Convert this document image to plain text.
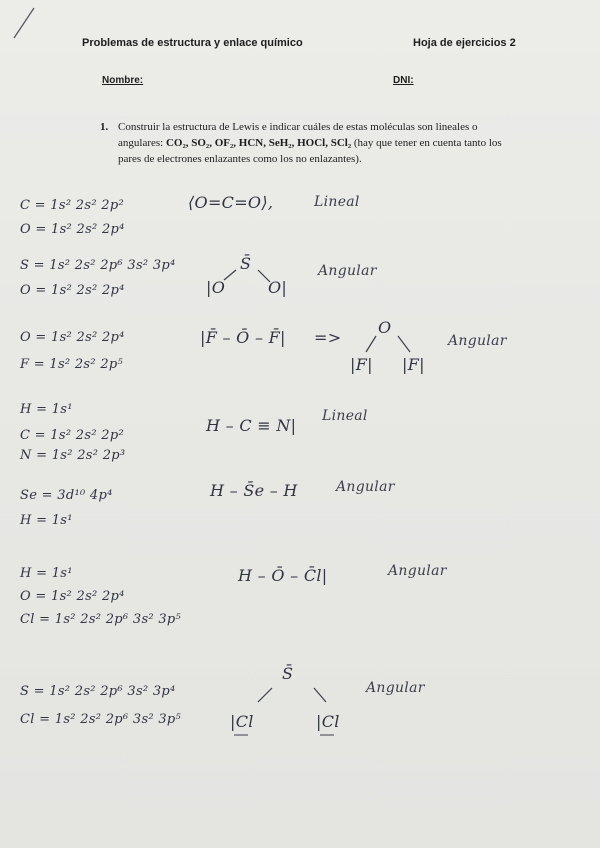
Problemas de estructura y enlace químico	Hoja de ejercicios 2
Nombre:	DNI:
1. Construir la estructura de Lewis e indicar cuáles de estas moléculas son lineales o angulares: CO₂, SO₂, OF₂, HCN, SeH₂, HOCl, SCl₂ (hay que tener en cuenta tanto los pares de electrones enlazantes como los no enlazantes).
C = 1s² 2s² 2p²
O = 1s² 2s² 2p⁴
⟨O=C=O⟩,	Lineal
S = 1s² 2s² 2p⁶ 3s² 3p⁴
O = 1s² 2s² 2p⁴
S̄
|O	O|
Angular
O = 1s² 2s² 2p⁴
F = 1s² 2s² 2p⁵
|F̄ – Ō – F̄| =>
O
|F| |F|
Angular
H = 1s¹
C = 1s² 2s² 2p²
N = 1s² 2s² 2p³
H – C ≡ N| Lineal
Se = 3d¹⁰ 4p⁴
H = 1s¹
H – S̄e – H	Angular
H = 1s¹
O = 1s² 2s² 2p⁴
Cl = 1s² 2s² 2p⁶ 3s² 3p⁵
H – Ō – C̄l|	Angular
S = 1s² 2s² 2p⁶ 3s² 3p⁴
Cl = 1s² 2s² 2p⁶ 3s² 3p⁵
S̄
|Cl	|Cl
Angular
